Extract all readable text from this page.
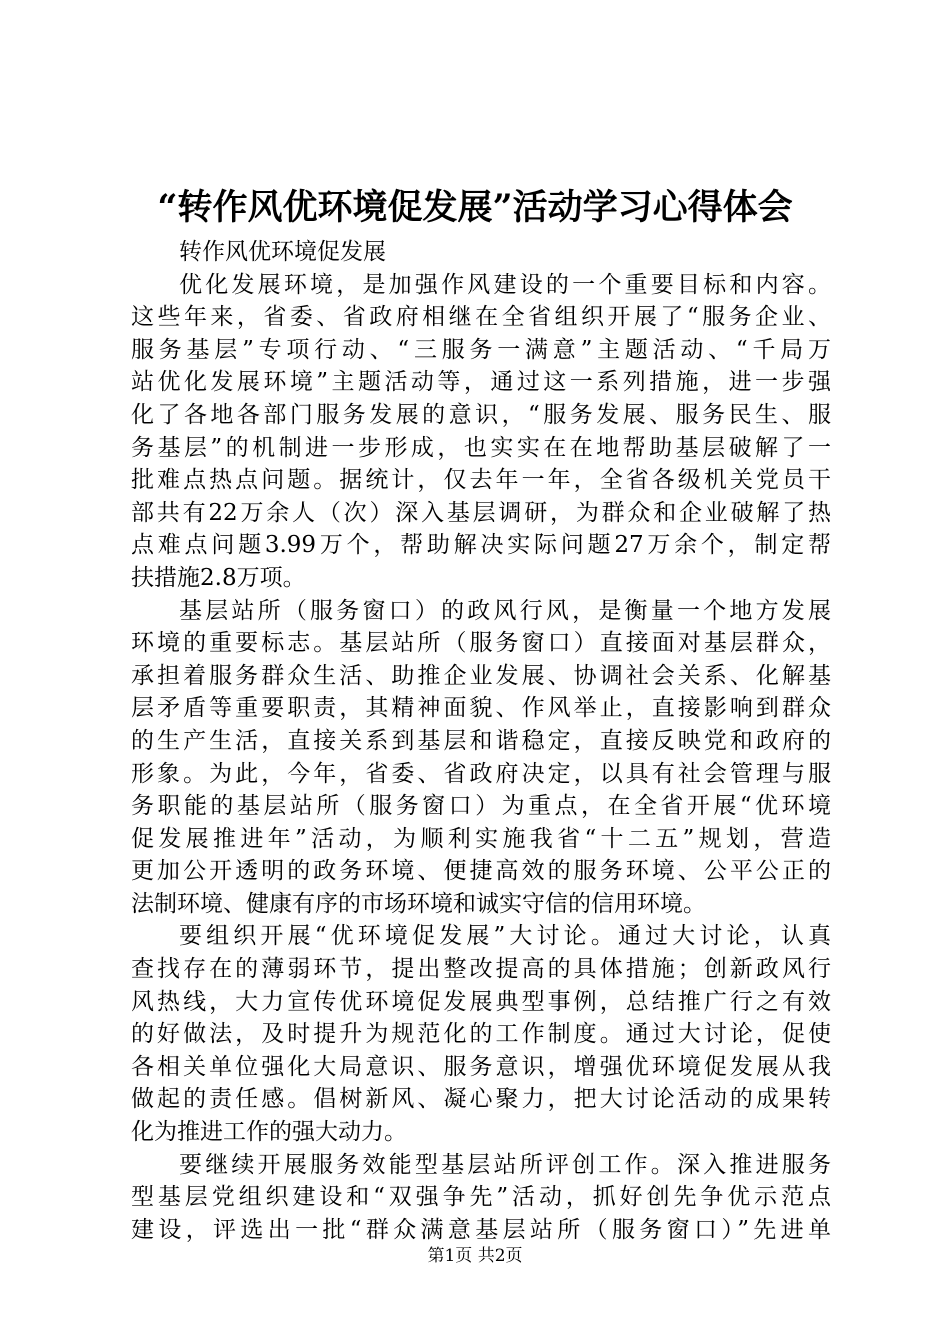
“转作风优环境促发展”活动学习心得体会
转作风优环境促发展
优化发展环境，是加强作风建设的一个重要目标和内容。
这些年来，省委、省政府相继在全省组织开展了“服务企业、
服务基层”专项行动、“三服务一满意”主题活动、“千局万
站优化发展环境”主题活动等，通过这一系列措施，进一步强
化了各地各部门服务发展的意识，“服务发展、服务民生、服
务基层”的机制进一步形成，也实实在在地帮助基层破解了一
批难点热点问题。据统计，仅去年一年，全省各级机关党员干
部共有22万余人（次）深入基层调研，为群众和企业破解了热
点难点问题3.99万个，帮助解决实际问题27万余个，制定帮
扶措施2.8万项。
基层站所（服务窗口）的政风行风，是衡量一个地方发展
环境的重要标志。基层站所（服务窗口）直接面对基层群众，
承担着服务群众生活、助推企业发展、协调社会关系、化解基
层矛盾等重要职责，其精神面貌、作风举止，直接影响到群众
的生产生活，直接关系到基层和谐稳定，直接反映党和政府的
形象。为此，今年，省委、省政府决定，以具有社会管理与服
务职能的基层站所（服务窗口）为重点，在全省开展“优环境
促发展推进年”活动，为顺利实施我省“十二五”规划，营造
更加公开透明的政务环境、便捷高效的服务环境、公平公正的
法制环境、健康有序的市场环境和诚实守信的信用环境。
要组织开展“优环境促发展”大讨论。通过大讨论，认真
查找存在的薄弱环节，提出整改提高的具体措施；创新政风行
风热线，大力宣传优环境促发展典型事例，总结推广行之有效
的好做法，及时提升为规范化的工作制度。通过大讨论，促使
各相关单位强化大局意识、服务意识，增强优环境促发展从我
做起的责任感。倡树新风、凝心聚力，把大讨论活动的成果转
化为推进工作的强大动力。
要继续开展服务效能型基层站所评创工作。深入推进服务
型基层党组织建设和“双强争先”活动，抓好创先争优示范点
建设，评选出一批“群众满意基层站所（服务窗口）”先进单
第1页 共2页
